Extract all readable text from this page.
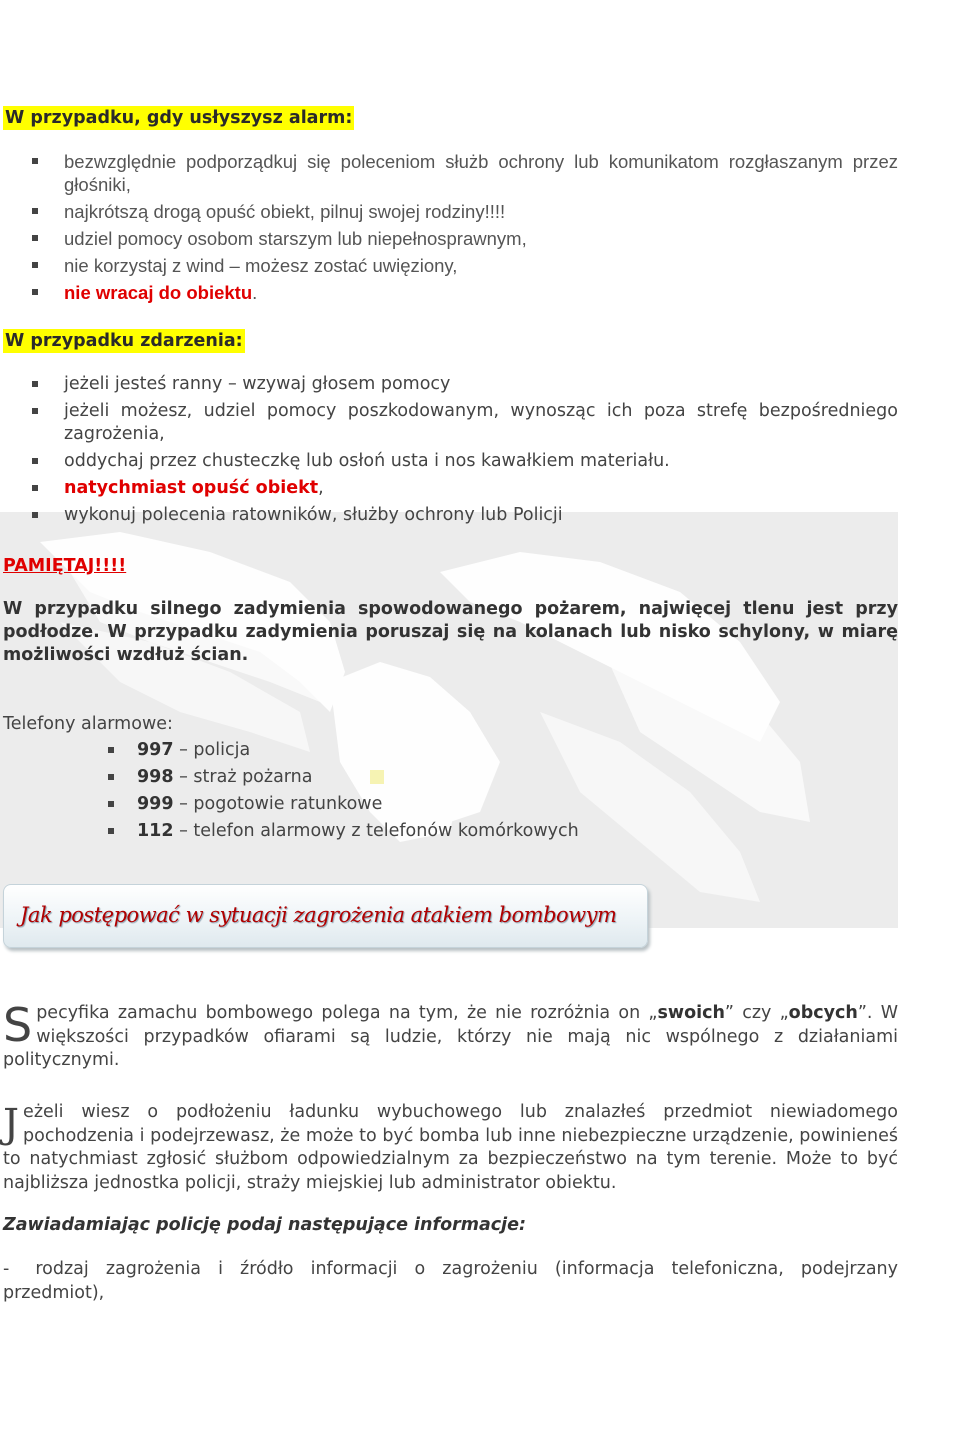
W przypadku, gdy usłyszysz alarm:
bezwzględnie podporządkuj się poleceniom służb ochrony lub komunikatom rozgłaszanym przez głośniki,
najkrótszą drogą opuść obiekt, pilnuj swojej rodziny!!!!
udziel pomocy osobom starszym lub niepełnosprawnym,
nie korzystaj z wind – możesz zostać uwięziony,
nie wracaj do obiektu.
W przypadku zdarzenia:
jeżeli jesteś ranny – wzywaj głosem pomocy
jeżeli możesz, udziel pomocy poszkodowanym, wynosząc ich poza strefę bezpośredniego zagrożenia,
oddychaj przez chusteczkę lub osłoń usta i nos kawałkiem materiału.
natychmiast opuść obiekt,
wykonuj polecenia ratowników, służby ochrony lub Policji
PAMIĘTAJ!!!!
W przypadku silnego zadymienia spowodowanego pożarem, najwięcej tlenu jest przy podłodze. W przypadku zadymienia poruszaj się na kolanach lub nisko schylony, w miarę możliwości wzdłuż ścian.
Telefony alarmowe:
997 – policja
998 – straż pożarna
999 – pogotowie ratunkowe
112 – telefon alarmowy z telefonów komórkowych
Jak postępować w sytuacji zagrożenia atakiem bombowym
Specyfika zamachu bombowego polega na tym, że nie rozróżnia on „swoich” czy „obcych”. W większości przypadków ofiarami są ludzie, którzy nie mają nic wspólnego z działaniami politycznymi.
Jeżeli wiesz o podłożeniu ładunku wybuchowego lub znalazłeś przedmiot niewiadomego pochodzenia i podejrzewasz, że może to być bomba lub inne niebezpieczne urządzenie, powinieneś to natychmiast zgłosić służbom odpowiedzialnym za bezpieczeństwo na tym terenie. Może to być najbliższa jednostka policji, straży miejskiej lub administrator obiektu.
Zawiadamiając policję podaj następujące informacje:
- rodzaj zagrożenia i źródło informacji o zagrożeniu (informacja telefoniczna, podejrzany przedmiot),
